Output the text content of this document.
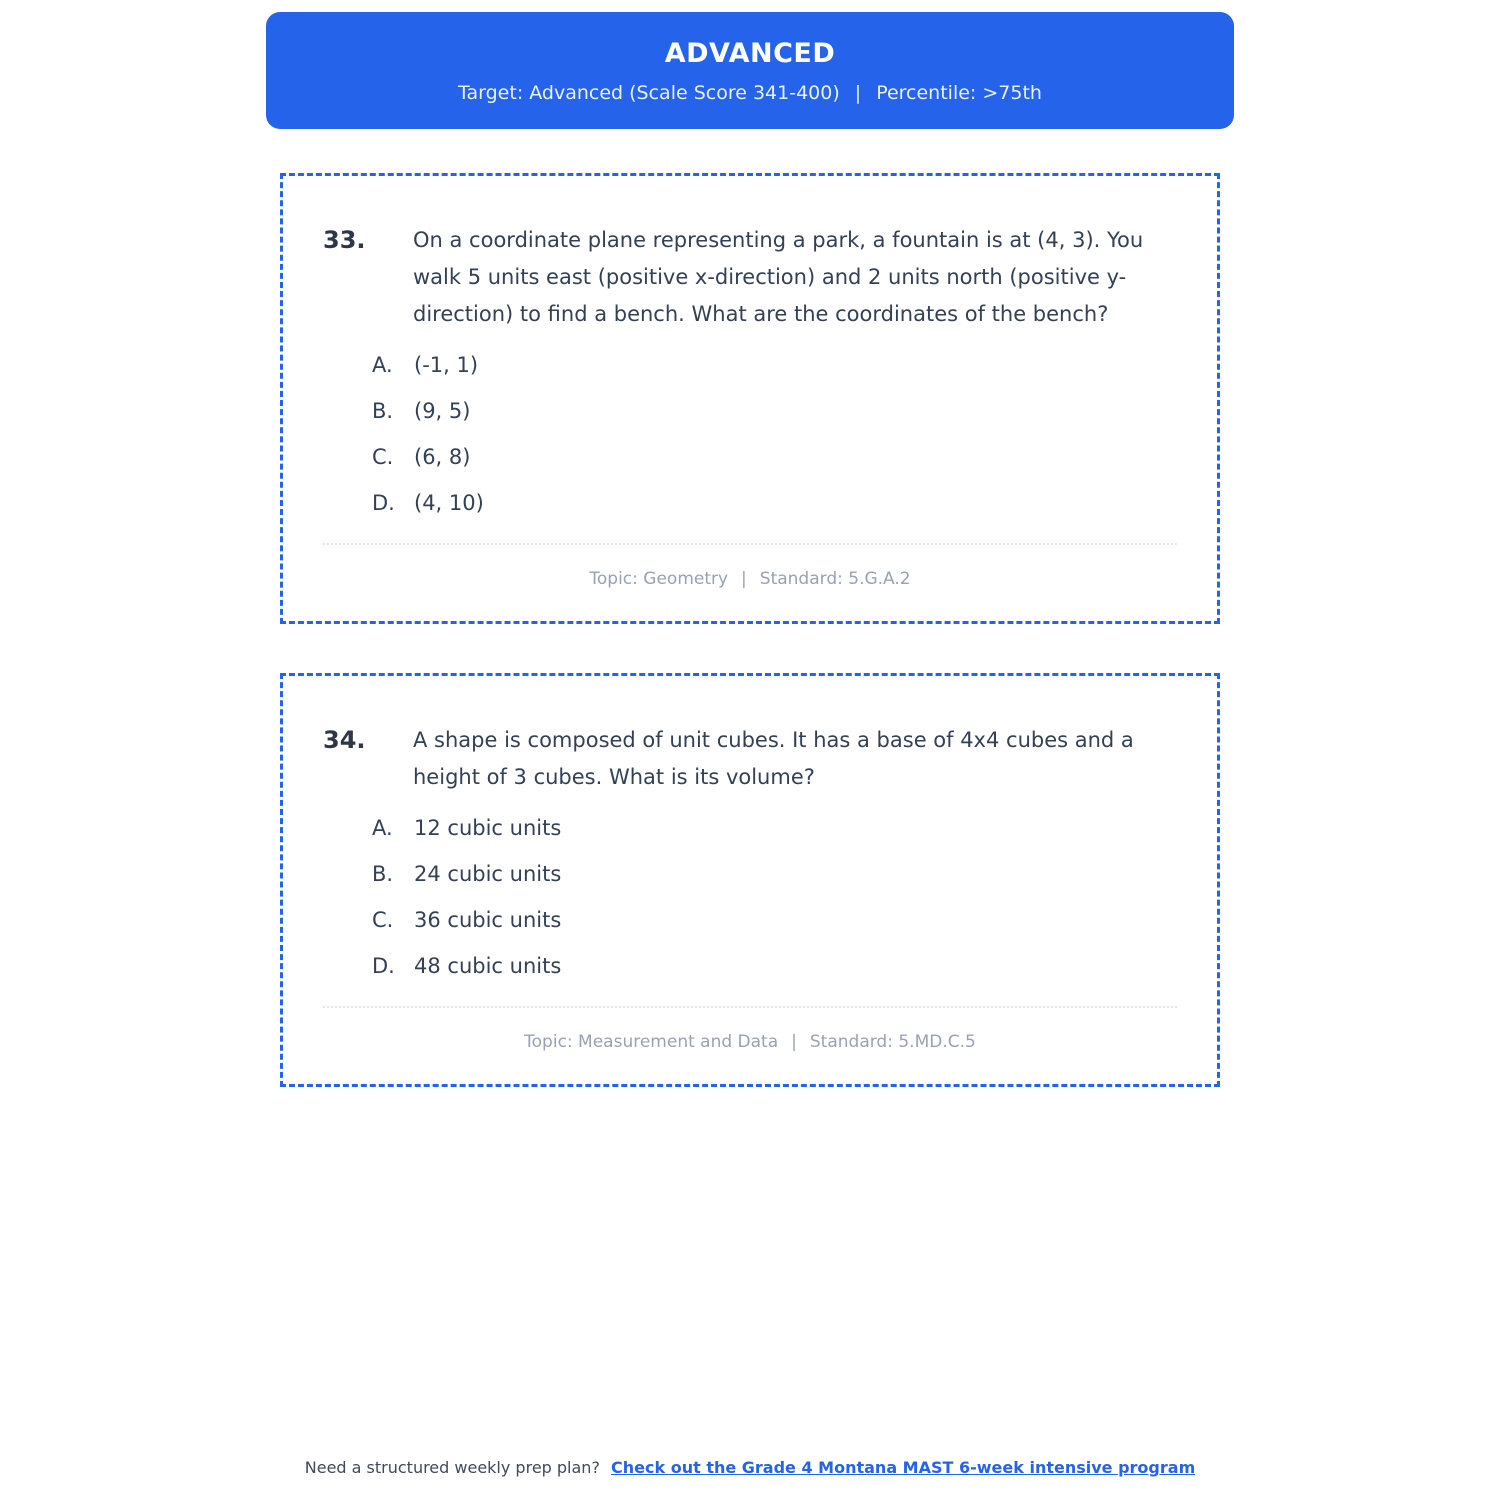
ADVANCED
Target: Advanced (Scale Score 341-400) | Percentile: >75th
33.	On a coordinate plane representing a park, a fountain is at (4, 3). You walk 5 units east (positive x-direction) and 2 units north (positive y-direction) to find a bench. What are the coordinates of the bench?
A.	(-1, 1)
B. (9, 5)
C. (6, 8)
D. (4, 10)
Topic: Geometry | Standard: 5.G.A.2
34.	A shape is composed of unit cubes. It has a base of 4x4 cubes and a height of 3 cubes. What is its volume?
A.	12 cubic units
B. 24 cubic units
C. 36 cubic units
D. 48 cubic units
Topic: Measurement and Data | Standard: 5.MD.C.5
Need a structured weekly prep plan? Check out the Grade 4 Montana MAST 6-week intensive program
